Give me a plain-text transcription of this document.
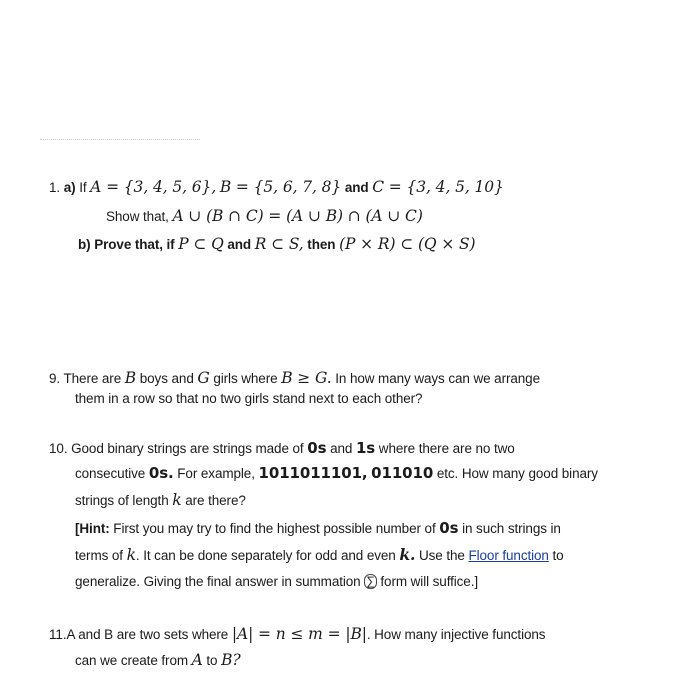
1. a) If A = {3, 4, 5, 6}, B = {5, 6, 7, 8} and C = {3, 4, 5, 10}
Show that, A ∪ (B ∩ C) = (A ∪ B) ∩ (A ∪ C)
b) Prove that, if P ⊂ Q and R ⊂ S, then (P × R) ⊂ (Q × S)
9. There are B boys and G girls where B ≥ G. In how many ways can we arrange
them in a row so that no two girls stand next to each other?
10. Good binary strings are strings made of 0s and 1s where there are no two
consecutive 0s. For example, 1011011101, 011010 etc. How many good binary
strings of length k are there?
[Hint: First you may try to find the highest possible number of 0s in such strings in
terms of k. It can be done separately for odd and even k. Use the Floor function to
generalize. Giving the final answer in summation ∑ form will suffice.]
11.A and B are two sets where |A| = n ≤ m = |B|. How many injective functions
can we create from A to B?
